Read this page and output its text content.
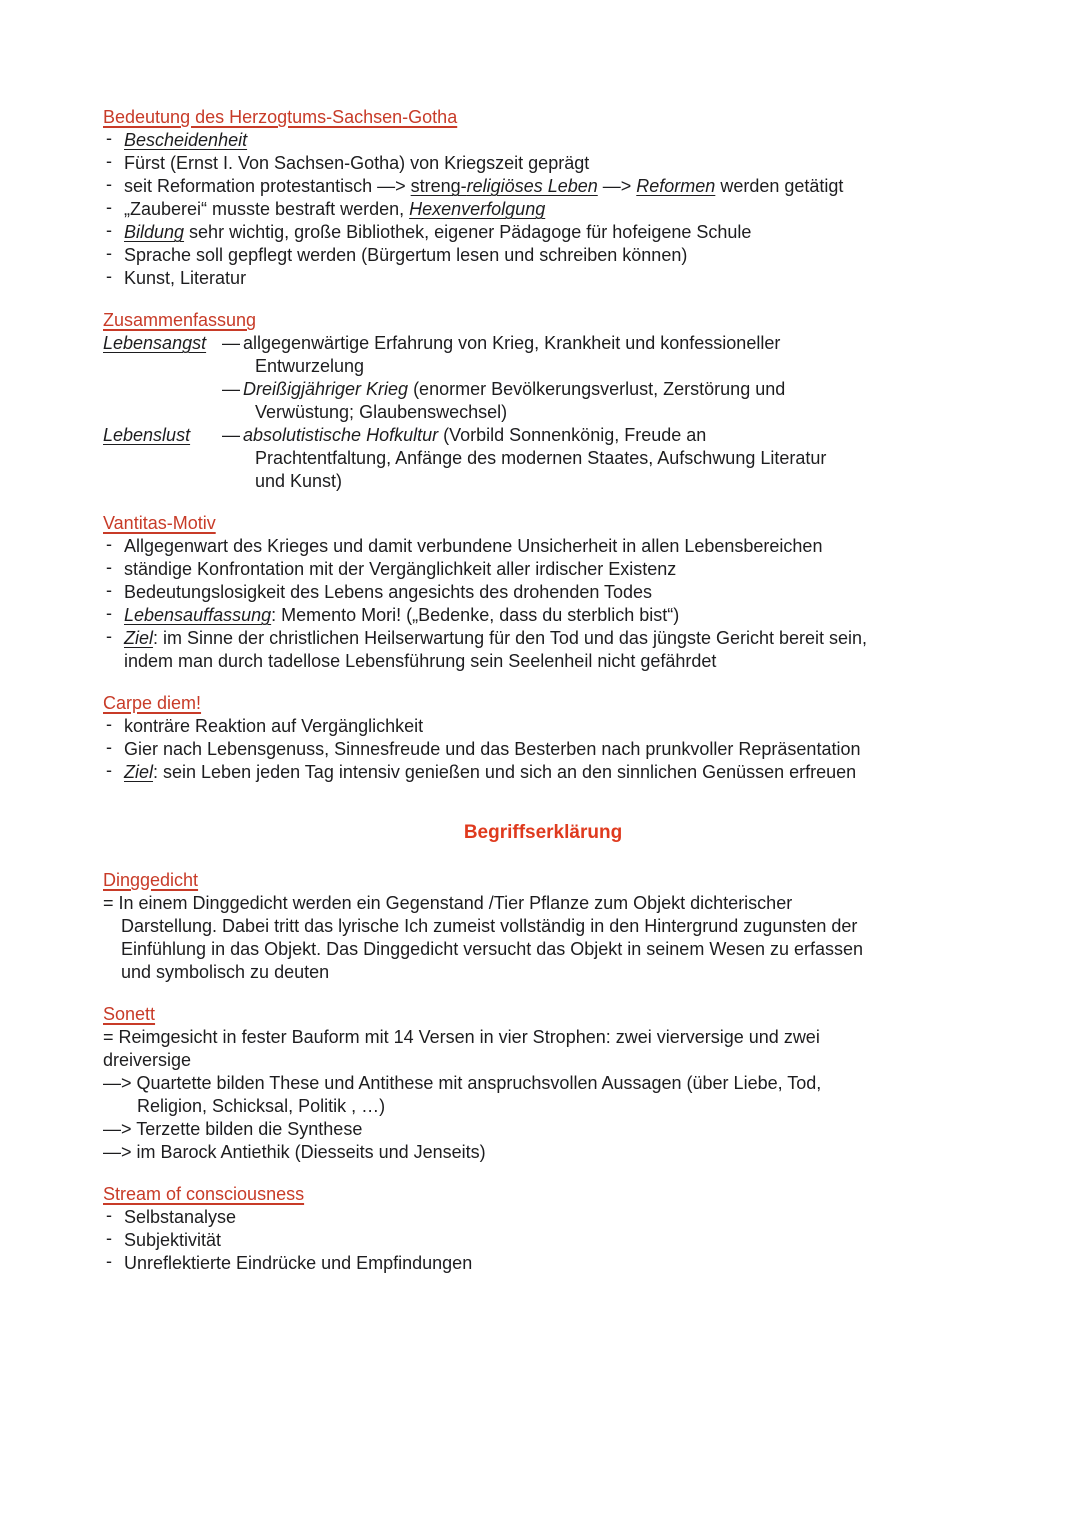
Bedeutung des Herzogtums-Sachsen-Gotha
- Bescheidenheit
- Fürst (Ernst I. Von Sachsen-Gotha) von Kriegszeit geprägt
- seit Reformation protestantisch —> streng-religiöses Leben —> Reformen werden getätigt
- „Zauberei“ musste bestraft werden, Hexenverfolgung
- Bildung sehr wichtig, große Bibliothek, eigener Pädagoge für hofeigene Schule
- Sprache soll gepflegt werden (Bürgertum lesen und schreiben können)
- Kunst, Literatur
Zusammenfassung
Lebensangst — allgegenwärtige Erfahrung von Krieg, Krankheit und konfessioneller
Entwurzelung
— Dreißigjähriger Krieg (enormer Bevölkerungsverlust, Zerstörung und
Verwüstung; Glaubenswechsel)
Lebenslust — absolutistische Hofkultur (Vorbild Sonnenkönig, Freude an
Prachtentfaltung, Anfänge des modernen Staates, Aufschwung Literatur
und Kunst)
Vantitas-Motiv
- Allgegenwart des Krieges und damit verbundene Unsicherheit in allen Lebensbereichen
- ständige Konfrontation mit der Vergänglichkeit aller irdischer Existenz
- Bedeutungslosigkeit des Lebens angesichts des drohenden Todes
- Lebensauffassung: Memento Mori! („Bedenke, dass du sterblich bist“)
- Ziel: im Sinne der christlichen Heilserwartung für den Tod und das jüngste Gericht bereit sein,
indem man durch tadellose Lebensführung sein Seelenheil nicht gefährdet
Carpe diem!
- konträre Reaktion auf Vergänglichkeit
- Gier nach Lebensgenuss, Sinnesfreude und das Besterben nach prunkvoller Repräsentation
- Ziel: sein Leben jeden Tag intensiv genießen und sich an den sinnlichen Genüssen erfreuen
Begriffserklärung
Dinggedicht
= In einem Dinggedicht werden ein Gegenstand /Tier Pflanze zum Objekt dichterischer
Darstellung. Dabei tritt das lyrische Ich zumeist vollständig in den Hintergrund zugunsten der
Einfühlung in das Objekt. Das Dinggedicht versucht das Objekt in seinem Wesen zu erfassen
und symbolisch zu deuten
Sonett
= Reimgesicht in fester Bauform mit 14 Versen in vier Strophen: zwei vierversige und zwei
dreiversige
—> Quartette bilden These und Antithese mit anspruchsvollen Aussagen (über Liebe, Tod,
Religion, Schicksal, Politik , …)
—> Terzette bilden die Synthese
—> im Barock Antiethik (Diesseits und Jenseits)
Stream of consciousness
- Selbstanalyse
- Subjektivität
- Unreflektierte Eindrücke und Empfindungen
